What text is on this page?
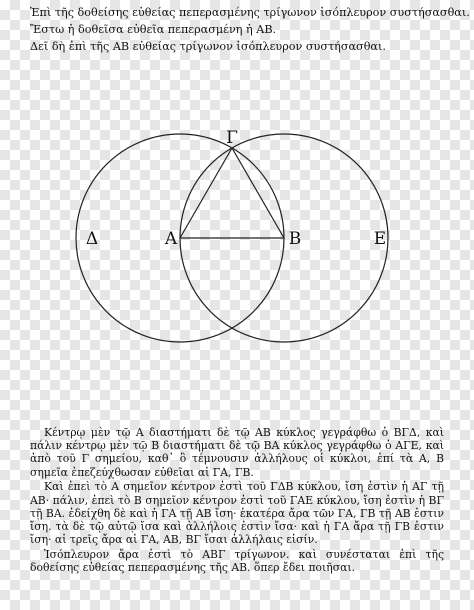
Ἐπὶ τῆς δοθείσης εὐθείας πεπερασμένης τρίγωνον ἰσόπλευρον συστήσασθαι.
Ἔστω ἡ δοθεῖσα εὐθεῖα πεπερασμένη ἡ ΑΒ.
Δεῖ δὴ ἐπὶ τῆς ΑΒ εὐθείας τρίγωνον ἰσόπλευρον συστήσασθαι.
Γ
Δ	Α	Β	Ε

Κέντρῳ μὲν τῷ Α διαστήματι δὲ τῷ ΑΒ κύκλος γεγράφθω ὁ ΒΓΔ, καὶ πάλιν κέντρῳ μὲν τῷ Β διαστήματι δὲ τῷ ΒΑ κύκλος γεγράφθω ὁ ΑΓΕ, καὶ ἀπὸ τοῦ Γ σημείου, καθ᾽ ὃ τέμνουσιν ἀλλήλους οἱ κύκλοι, ἐπί τὰ Α, Β σημεῖα ἐπεζεύχθωσαν εὐθεῖαι αἱ ΓΑ, ΓΒ.

Καὶ ἐπεὶ τὸ Α σημεῖον κέντρον ἐστὶ τοῦ ΓΔΒ κύκλου, ἴση ἐστὶν ἡ ΑΓ τῇ ΑΒ· πάλιν, ἐπεὶ τὸ Β σημεῖον κέντρον ἐστὶ τοῦ ΓΑΕ κύκλου, ἴση ἐστὶν ἡ ΒΓ τῇ ΒΑ. ἐδείχθη δὲ καὶ ἡ ΓΑ τῇ ΑΒ ἴση· ἑκατέρα ἄρα τῶν ΓΑ, ΓΒ τῇ ΑΒ ἐστιν ἴση. τὰ δὲ τῷ αὐτῷ ἴσα καὶ ἀλλήλοις ἐστὶν ἴσα· καὶ ἡ ΓΑ ἄρα τῇ ΓΒ ἐστιν ἴση· αἱ τρεῖς ἄρα αἱ ΓΑ, ΑΒ, ΒΓ ἴσαι ἀλλήλαις εἰσίν.

Ἰσόπλευρον ἄρα ἐστὶ τὸ ΑΒΓ τρίγωνον. καὶ συνέσταται ἐπὶ τῆς δοθείσης εὐθείας πεπερασμένης τῆς ΑΒ. ὅπερ ἔδει ποιῆσαι.
